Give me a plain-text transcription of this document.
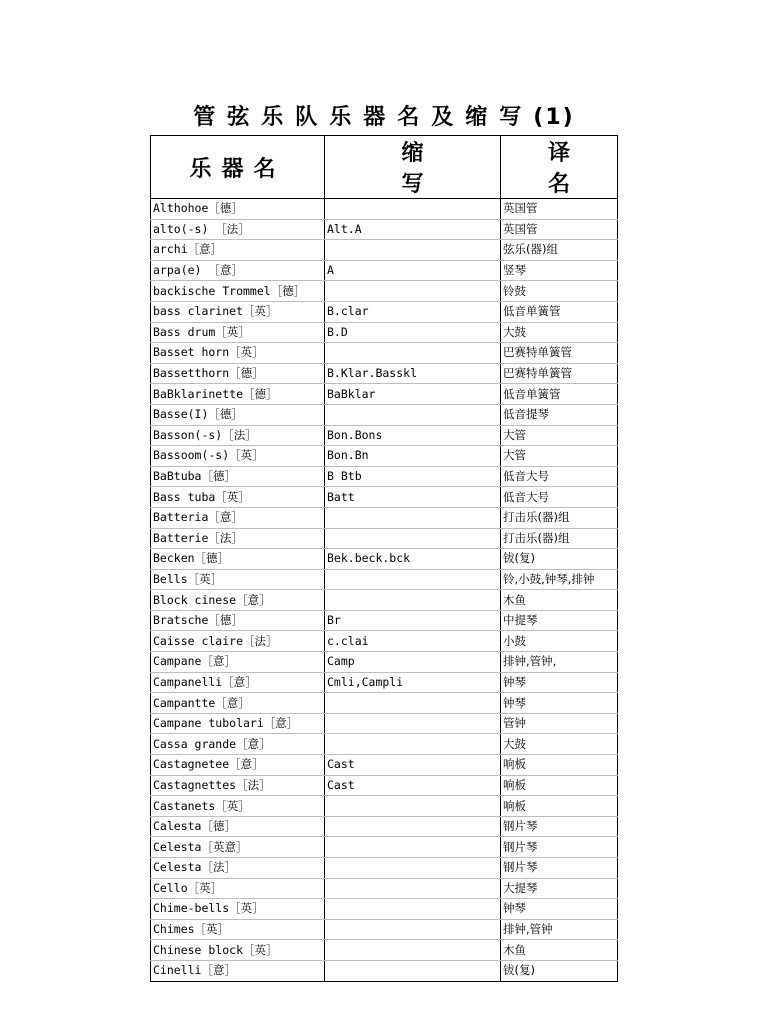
管弦乐队乐器名及缩写(1)
乐器名	缩写	译名
Althohoe［德］		英国管
alto(-s) ［法］	Alt.A	英国管
archi［意］		弦乐(器)组
arpa(e) ［意］	A	竖琴
backische Trommel［德］		铃鼓
bass clarinet［英］	B.clar	低音单簧管
Bass drum［英］	B.D	大鼓
Basset horn［英］		巴赛特单簧管
Bassetthorn［德］	B.Klar.Basskl	巴赛特单簧管
BaBklarinette［德］	BaBklar	低音单簧管
Basse(I)［德］		低音提琴
Basson(-s)［法］	Bon.Bons	大管
Bassoom(-s)［英］	Bon.Bn	大管
BaBtuba［德］	B Btb	低音大号
Bass tuba［英］	Batt	低音大号
Batteria［意］		打击乐(器)组
Batterie［法］		打击乐(器)组
Becken［德］	Bek.beck.bck	钹(复)
Bells［英］		铃,小鼓,钟琴,排钟
Block cinese［意］		木鱼
Bratsche［德］	Br	中提琴
Caisse claire［法］	c.clai	小鼓
Campane［意］	Camp	排钟,管钟,
Campanelli［意］	Cmli,Campli	钟琴
Campantte［意］		钟琴
Campane tubolari［意］		管钟
Cassa grande［意］		大鼓
Castagnetee［意］	Cast	响板
Castagnettes［法］	Cast	响板
Castanets［英］		响板
Calesta［德］		钢片琴
Celesta［英意］		钢片琴
Celesta［法］		钢片琴
Cello［英］		大提琴
Chime-bells［英］		钟琴
Chimes［英］		排钟,管钟
Chinese block［英］		木鱼
Cinelli［意］		钹(复)
